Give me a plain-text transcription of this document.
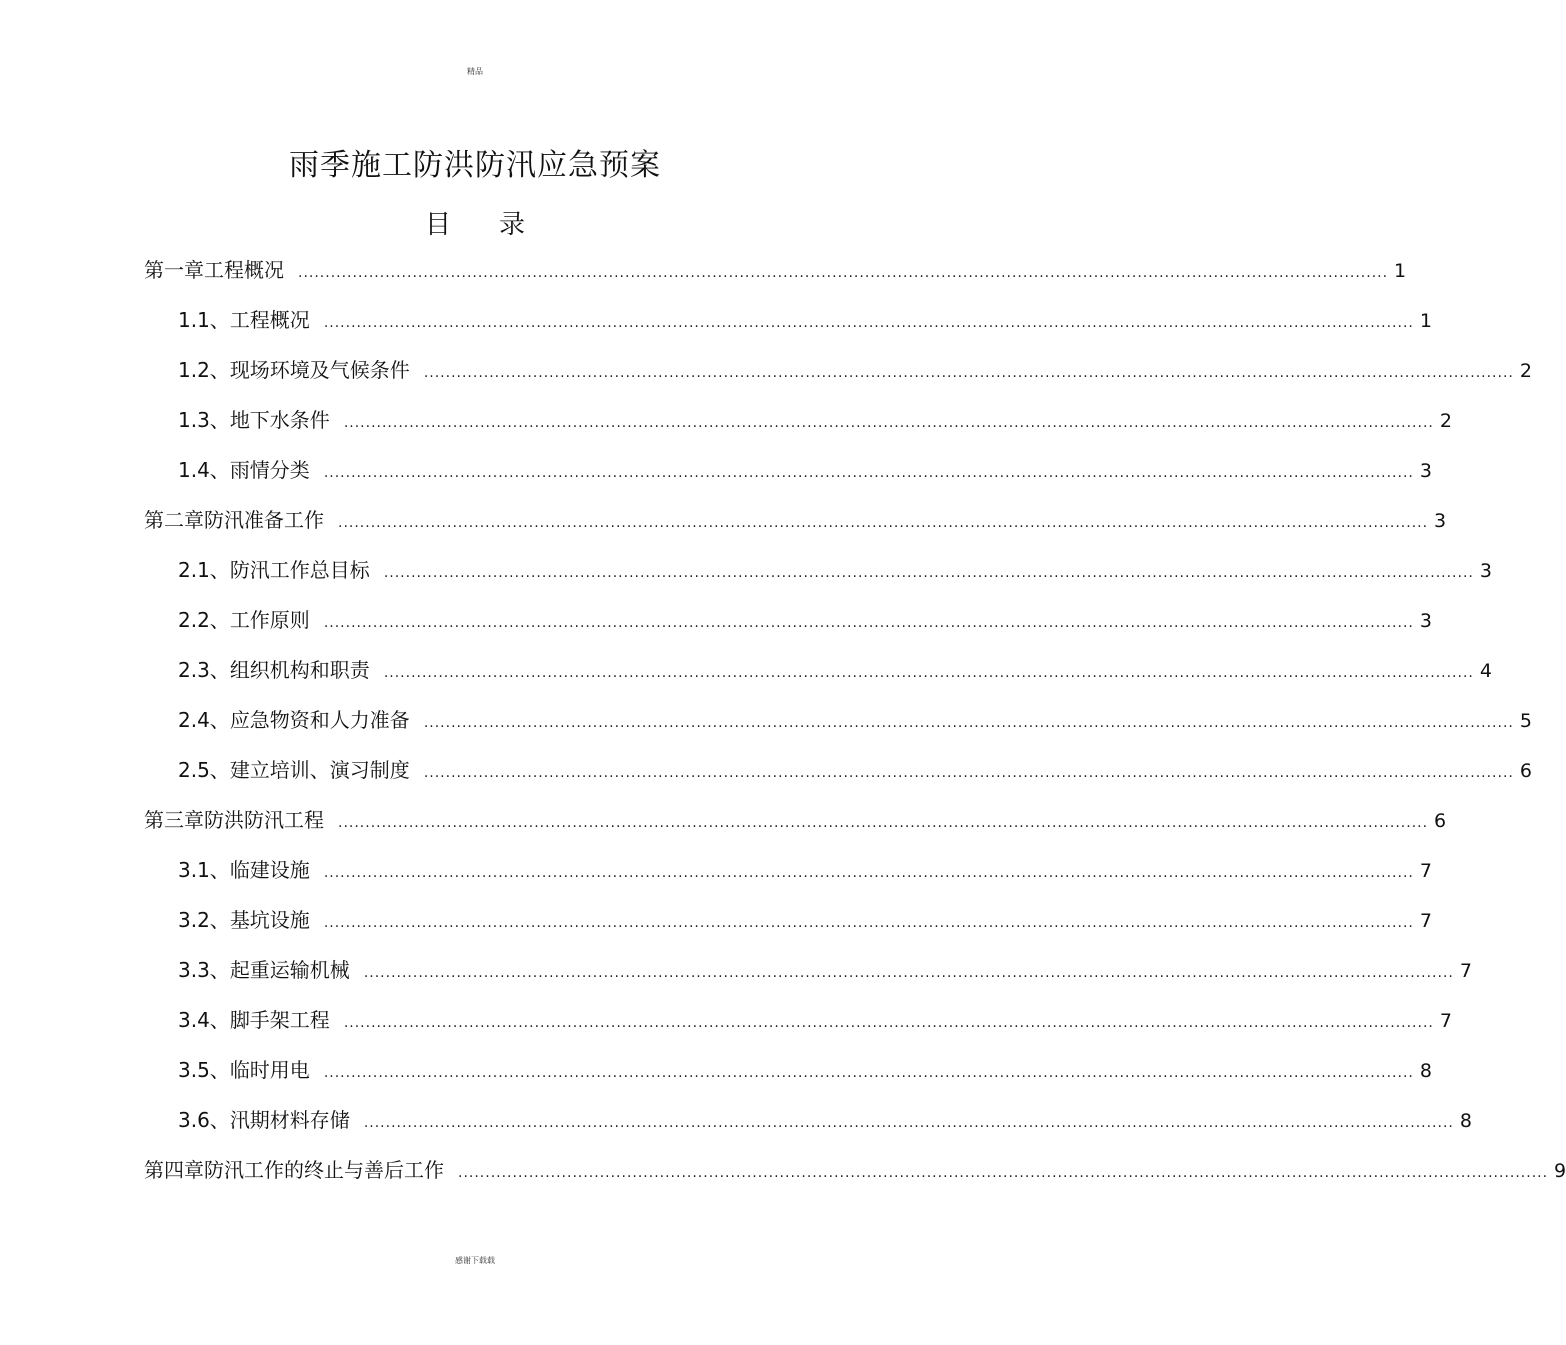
精品
雨季施工防洪防汛应急预案
目 录
第一章 工程概况 ........................................................................................................................................................................................................ 1
1.1、 工程概况 ........................................................................................................................................................................................................ 1
1.2、 现场环境及气候条件 ........................................................................................................................................................................................................ 2
1.3、 地下水条件 ........................................................................................................................................................................................................ 2
1.4、 雨情分类 ........................................................................................................................................................................................................ 3
第二章 防汛准备工作 ........................................................................................................................................................................................................ 3
2.1、 防汛工作总目标 ........................................................................................................................................................................................................ 3
2.2、 工作原则 ........................................................................................................................................................................................................ 3
2.3、 组织机构和职责 ........................................................................................................................................................................................................ 4
2.4、 应急物资和人力准备 ........................................................................................................................................................................................................ 5
2.5、 建立培训、演习制度 ........................................................................................................................................................................................................ 6
第三章 防洪防汛工程 ........................................................................................................................................................................................................ 6
3.1、 临建设施 ........................................................................................................................................................................................................ 7
3.2、 基坑设施 ........................................................................................................................................................................................................ 7
3.3、 起重运输机械 ........................................................................................................................................................................................................ 7
3.4、 脚手架工程 ........................................................................................................................................................................................................ 7
3.5、 临时用电 ........................................................................................................................................................................................................ 8
3.6、 汛期材料存储 ........................................................................................................................................................................................................ 8
第四章 防汛工作的终止与善后工作 ........................................................................................................................................................................................................ 9
感谢下载载
